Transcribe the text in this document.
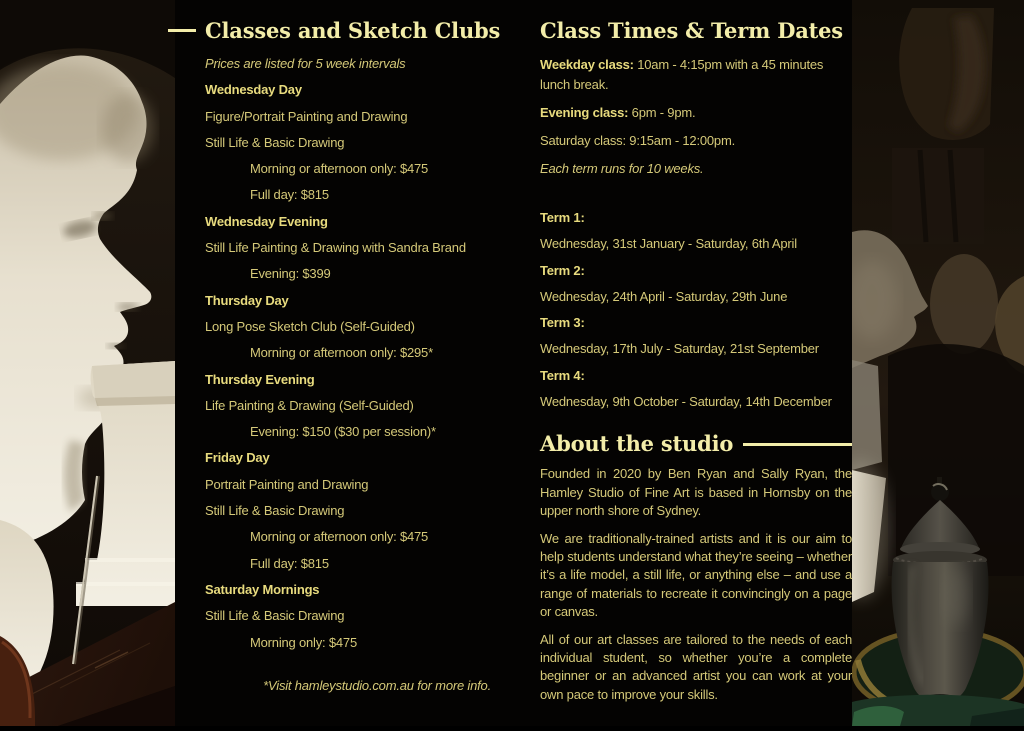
Classes and Sketch Clubs
Prices are listed for 5 week intervals
Wednesday Day
Figure/Portrait Painting and Drawing
Still Life & Basic Drawing
Morning or afternoon only: $475
Full day: $815
Wednesday Evening
Still Life Painting & Drawing with Sandra Brand
Evening: $399
Thursday Day
Long Pose Sketch Club (Self-Guided)
Morning or afternoon only: $295*
Thursday Evening
Life Painting & Drawing (Self-Guided)
Evening: $150 ($30 per session)*
Friday Day
Portrait Painting and Drawing
Still Life & Basic Drawing
Morning or afternoon only: $475
Full day: $815
Saturday Mornings
Still Life & Basic Drawing
Morning only: $475
*Visit hamleystudio.com.au for more info.
Class Times & Term Dates

Weekday class: 10am - 4:15pm with a 45 minutes lunch break.

Evening class: 6pm - 9pm.

Saturday class: 9:15am - 12:00pm.

Each term runs for 10 weeks.

Term 1:
Wednesday, 31st January - Saturday, 6th April
Term 2:
Wednesday, 24th April - Saturday, 29th June
Term 3:
Wednesday, 17th July - Saturday, 21st September
Term 4:
Wednesday, 9th October - Saturday, 14th December
About the studio

Founded in 2020 by Ben Ryan and Sally Ryan, the Hamley Studio of Fine Art is based in Hornsby on the upper north shore of Sydney.

We are traditionally-trained artists and it is our aim to help students understand what they’re seeing – whether it’s a life model, a still life, or anything else – and use a range of materials to recreate it convincingly on a page or canvas.

All of our art classes are tailored to the needs of each individual student, so whether you’re a complete beginner or an advanced artist you can work at your own pace to improve your skills.
